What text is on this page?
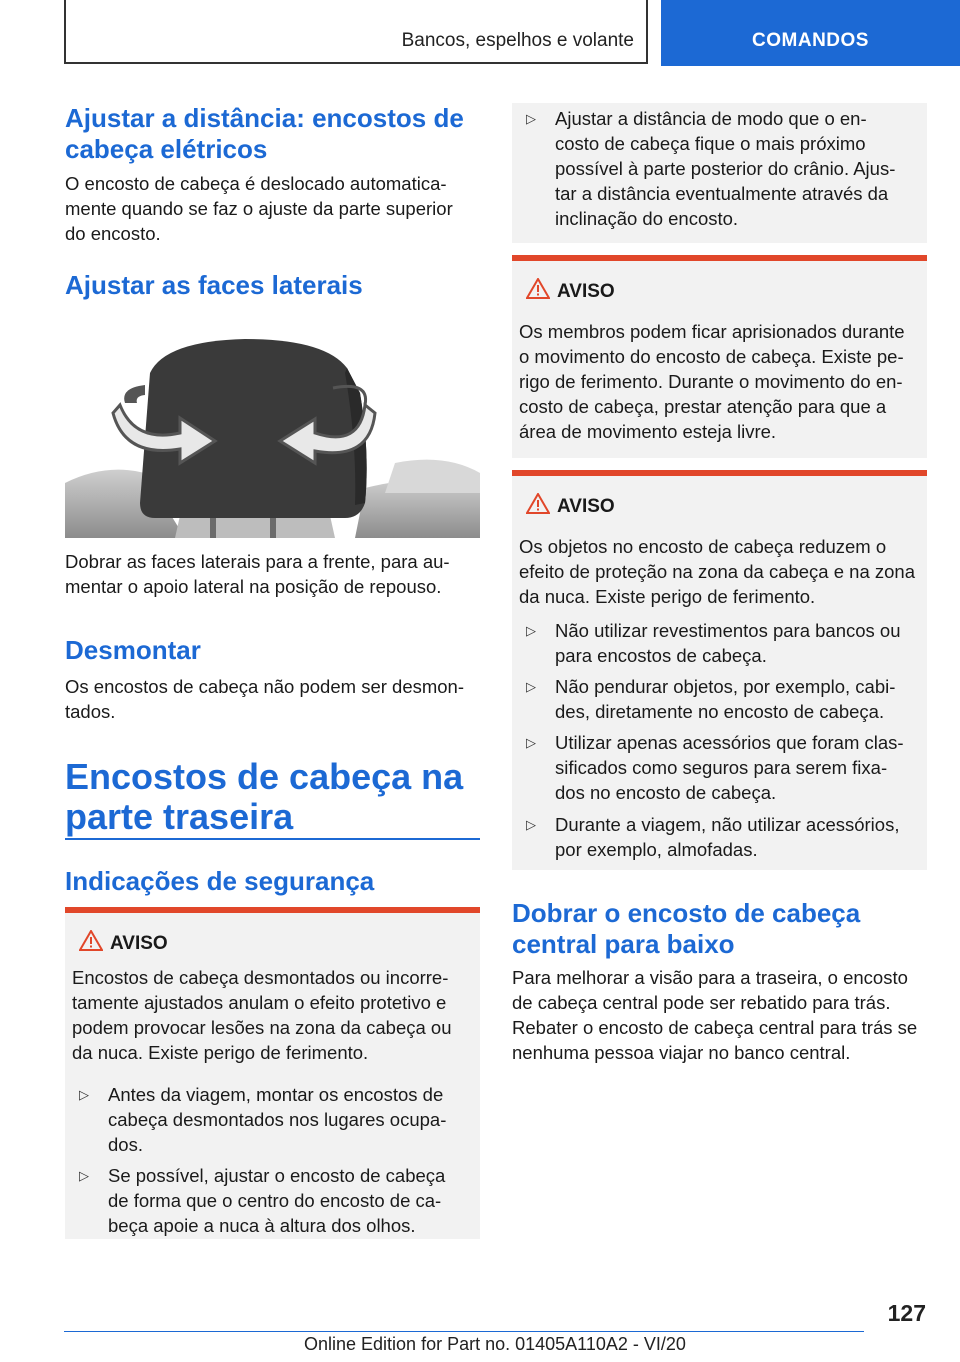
Bancos, espelhos e volante	COMANDOS
Ajustar a distância: encostos de
cabeça elétricos
O encosto de cabeça é deslocado automatica-
mente quando se faz o ajuste da parte superior
do encosto.
Ajustar as faces laterais
Dobrar as faces laterais para a frente, para au-
mentar o apoio lateral na posição de repouso.
Desmontar
Os encostos de cabeça não podem ser desmon-
tados.
Encostos de cabeça na
parte traseira
Indicações de segurança
AVISO
Encostos de cabeça desmontados ou incorre-
tamente ajustados anulam o efeito protetivo e
podem provocar lesões na zona da cabeça ou
da nuca. Existe perigo de ferimento.
▷ Antes da viagem, montar os encostos de
cabeça desmontados nos lugares ocupa-
dos.
▷ Se possível, ajustar o encosto de cabeça
de forma que o centro do encosto de ca-
beça apoie a nuca à altura dos olhos.
▷ Ajustar a distância de modo que o en-
costo de cabeça fique o mais próximo
possível à parte posterior do crânio. Ajus-
tar a distância eventualmente através da
inclinação do encosto.
AVISO
Os membros podem ficar aprisionados durante
o movimento do encosto de cabeça. Existe pe-
rigo de ferimento. Durante o movimento do en-
costo de cabeça, prestar atenção para que a
área de movimento esteja livre.
AVISO
Os objetos no encosto de cabeça reduzem o
efeito de proteção na zona da cabeça e na zona
da nuca. Existe perigo de ferimento.
▷ Não utilizar revestimentos para bancos ou
para encostos de cabeça.
▷ Não pendurar objetos, por exemplo, cabi-
des, diretamente no encosto de cabeça.
▷ Utilizar apenas acessórios que foram clas-
sificados como seguros para serem fixa-
dos no encosto de cabeça.
▷ Durante a viagem, não utilizar acessórios,
por exemplo, almofadas.
Dobrar o encosto de cabeça
central para baixo
Para melhorar a visão para a traseira, o encosto
de cabeça central pode ser rebatido para trás.
Rebater o encosto de cabeça central para trás se
nenhuma pessoa viajar no banco central.
127
Online Edition for Part no. 01405A110A2 - VI/20
